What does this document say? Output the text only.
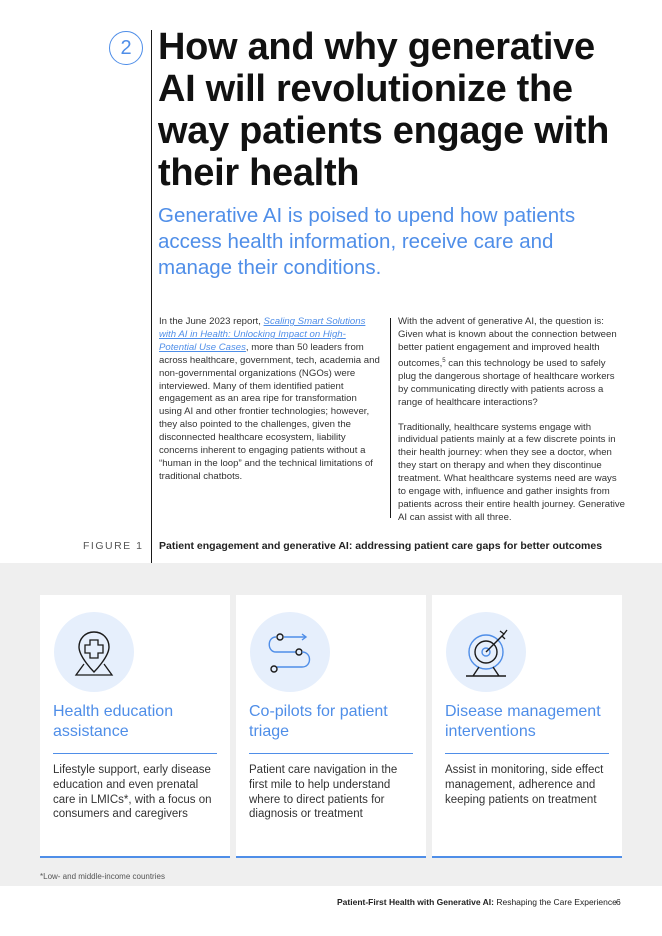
2 How and why generative AI will revolutionize the way patients engage with their health
Generative AI is poised to upend how patients access health information, receive care and manage their conditions.

In the June 2023 report, Scaling Smart Solutions with AI in Health: Unlocking Impact on High-Potential Use Cases, more than 50 leaders from across healthcare, government, tech, academia and non-governmental organizations (NGOs) were interviewed. Many of them identified patient engagement as an area ripe for transformation using AI and other frontier technologies; however, they also pointed to the challenges, given the disconnected healthcare ecosystem, liability concerns inherent to engaging patients without a “human in the loop” and the technical limitations of traditional chatbots.

With the advent of generative AI, the question is: Given what is known about the connection between better patient engagement and improved health outcomes,$^5$ can this technology be used to safely plug the dangerous shortage of healthcare workers by communicating directly with patients across a range of healthcare interactions?

Traditionally, healthcare systems engage with individual patients mainly at a few discrete points in their health journey: when they see a doctor, when they start on therapy and when they discontinue treatment. What healthcare systems need are ways to engage with, influence and gather insights from patients across their entire health journey. Generative AI can assist with all three.

FIGURE 1 Patient engagement and generative AI: addressing patient care gaps for better outcomes
Health education assistance
Lifestyle support, early disease education and even prenatal care in LMICs*, with a focus on consumers and caregivers
Co-pilots for patient triage
Patient care navigation in the first mile to help understand where to direct patients for diagnosis or treatment
Disease management interventions
Assist in monitoring, side effect management, adherence and keeping patients on treatment
*Low- and middle-income countries
Patient-First Health with Generative AI: Reshaping the Care Experience 6
